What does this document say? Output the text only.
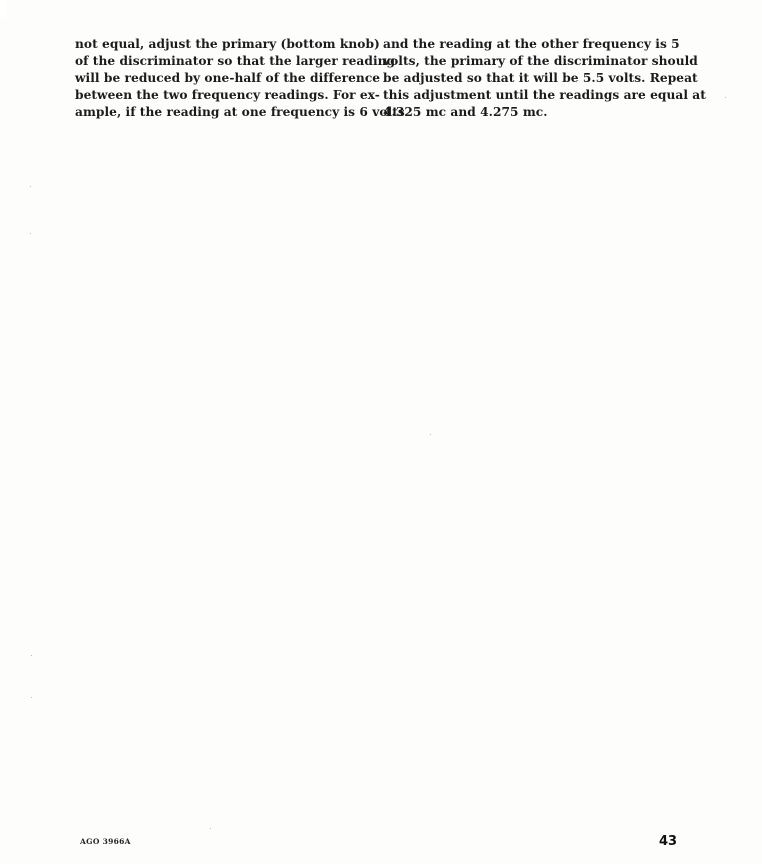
not equal, adjust the primary (bottom knob)
of the discriminator so that the larger reading
will be reduced by one-half of the difference
between the two frequency readings. For ex-
ample, if the reading at one frequency is 6 volts
and the reading at the other frequency is 5
volts, the primary of the discriminator should
be adjusted so that it will be 5.5 volts. Repeat
this adjustment until the readings are equal at
4.325 mc and 4.275 mc.
AGO 3966A	43
